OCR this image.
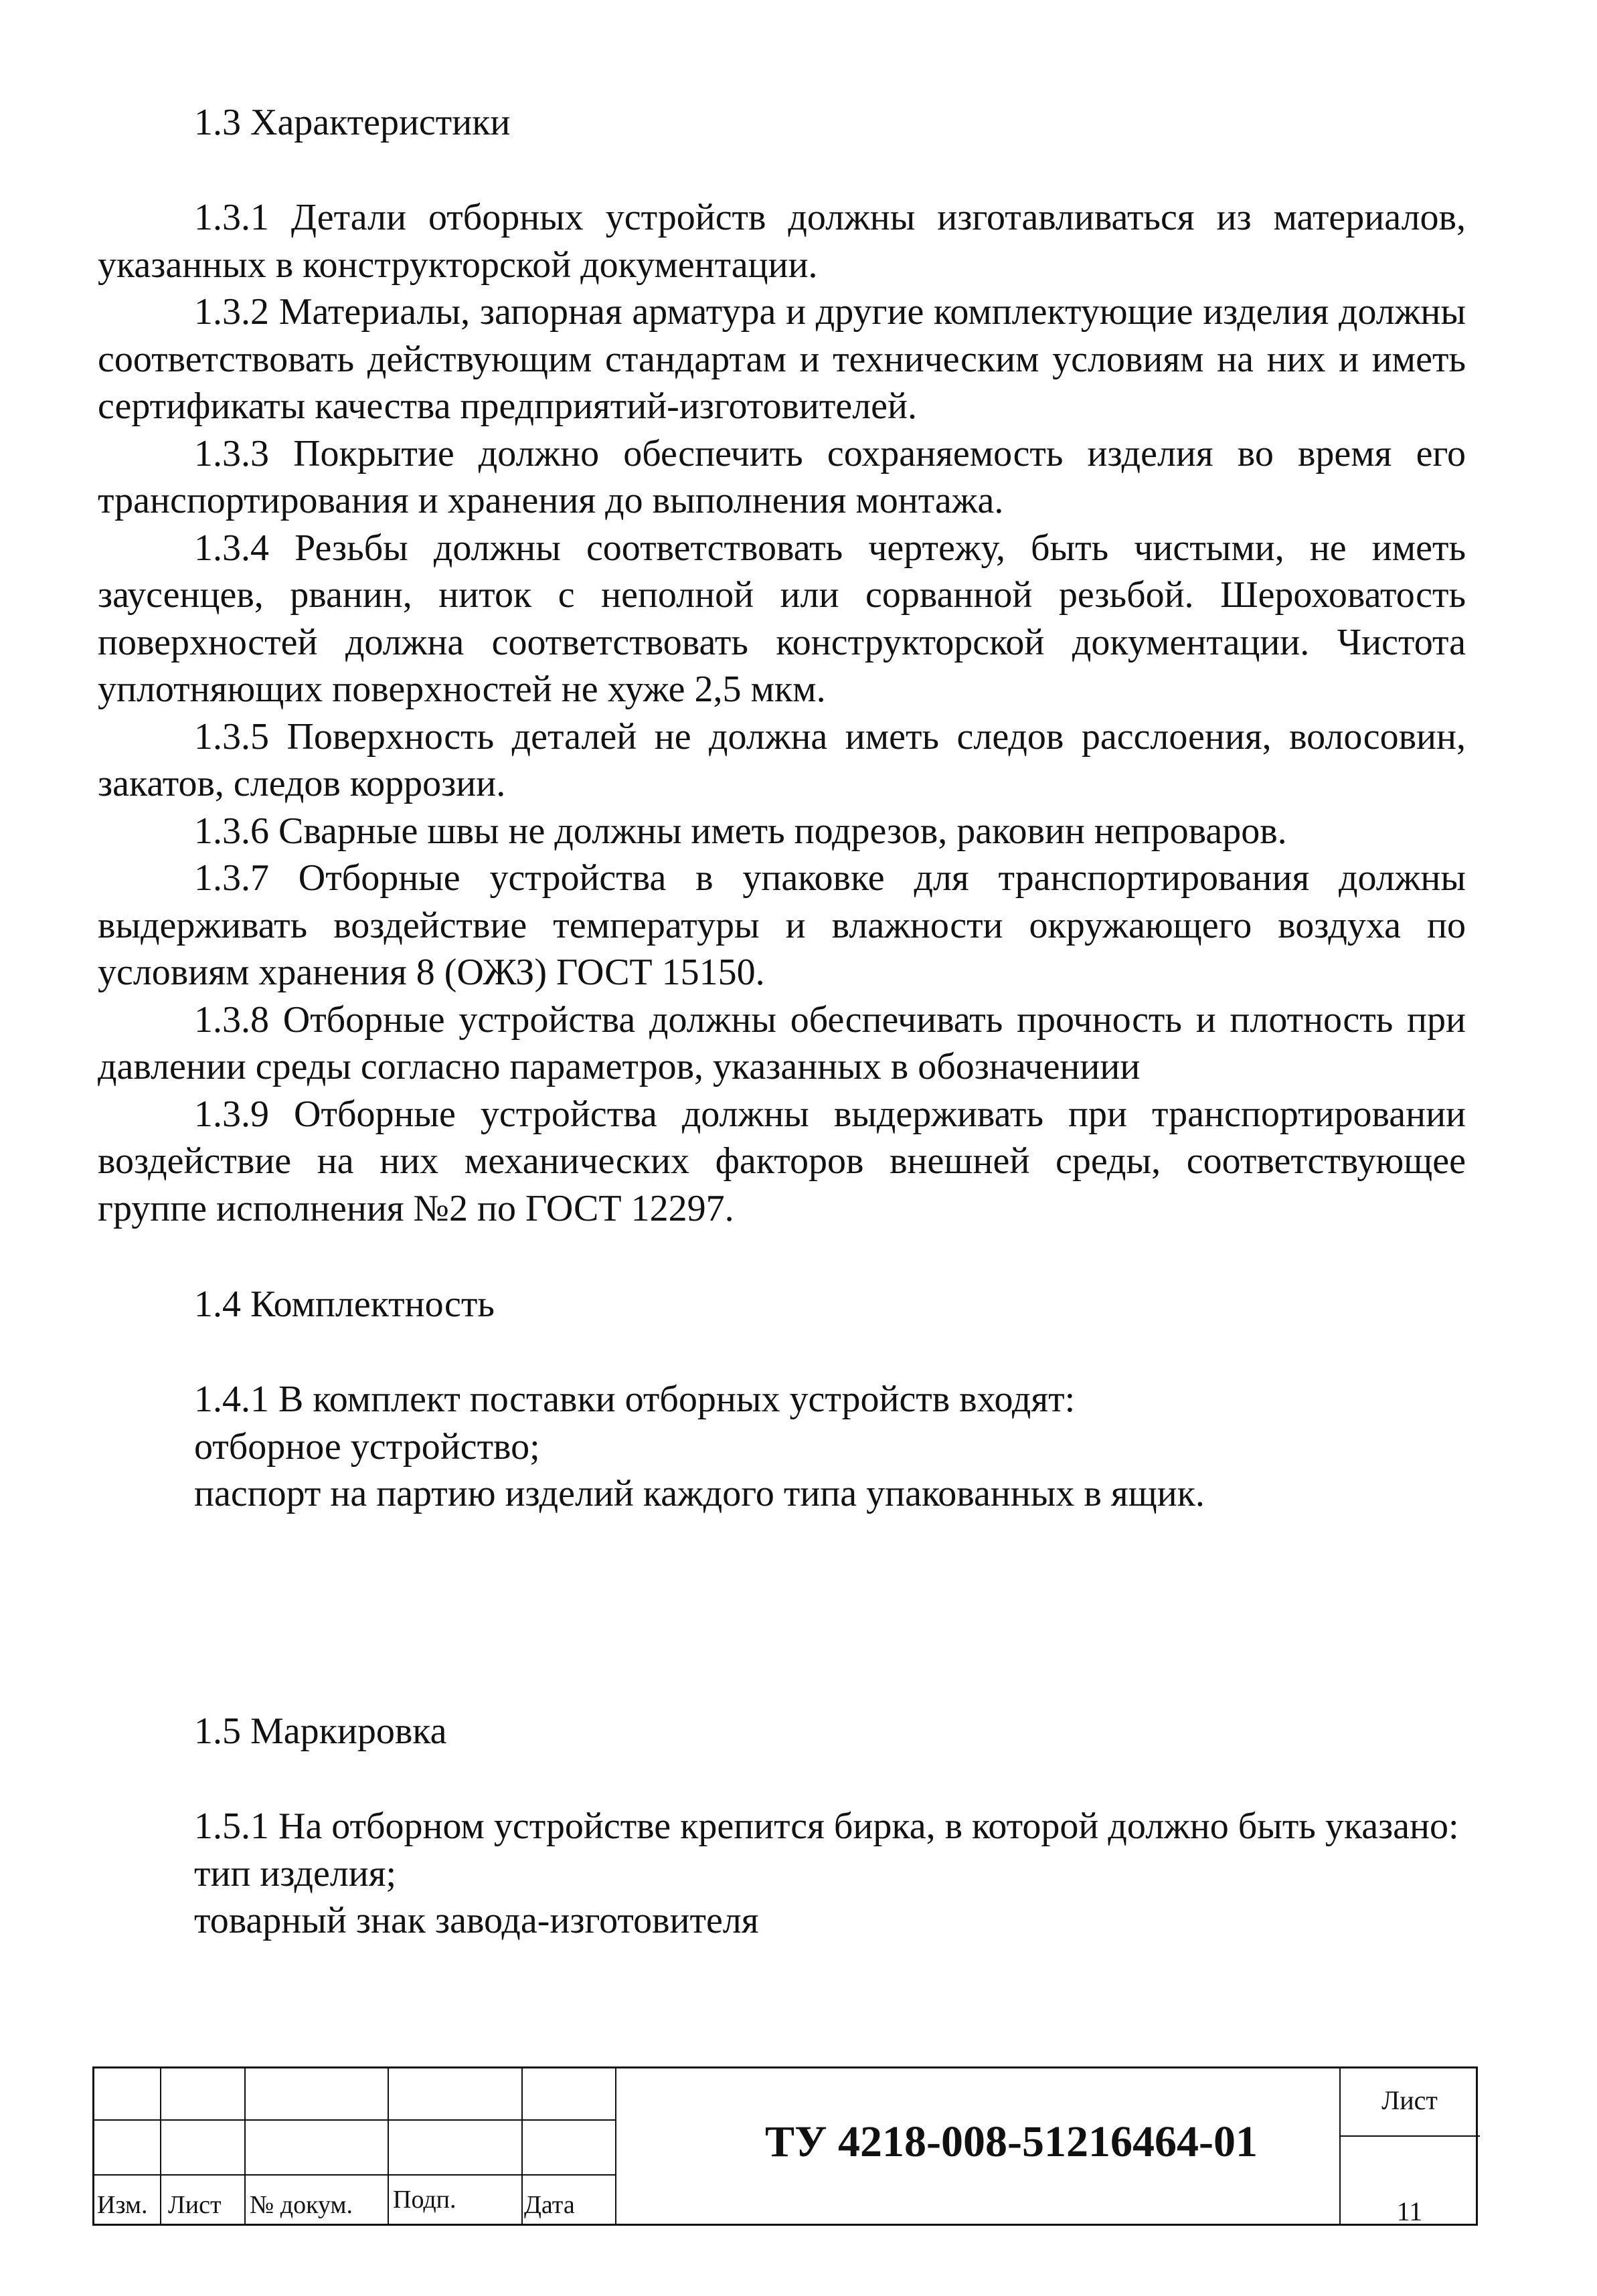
1.3 Характеристики

1.3.1 Детали отборных устройств должны изготавливаться из материалов, указанных в конструкторской документации.

1.3.2 Материалы, запорная арматура и другие комплектующие изделия должны соответствовать действующим стандартам и техническим условиям на них и иметь сертификаты качества предприятий-изготовителей.

1.3.3 Покрытие должно обеспечить сохраняемость изделия во время его транспортирования и хранения до выполнения монтажа.

1.3.4 Резьбы должны соответствовать чертежу, быть чистыми, не иметь заусенцев, рванин, ниток с неполной или сорванной резьбой. Шероховатость поверхностей должна соответствовать конструкторской документации. Чистота уплотняющих поверхностей не хуже 2,5 мкм.

1.3.5 Поверхность деталей не должна иметь следов расслоения, волосовин, закатов, следов коррозии.

1.3.6 Сварные швы не должны иметь подрезов, раковин непроваров.

1.3.7 Отборные устройства в упаковке для транспортирования должны выдерживать воздействие температуры и влажности окружающего воздуха по условиям хранения 8 (ОЖЗ) ГОСТ 15150.

1.3.8 Отборные устройства должны обеспечивать прочность и плотность при давлении среды согласно параметров, указанных в обозначениии

1.3.9 Отборные устройства должны выдерживать при транспортировании воздействие на них механических факторов внешней среды, соответствующее группе исполнения №2 по ГОСТ 12297.

1.4 Комплектность

1.4.1 В комплект поставки отборных устройств входят:

отборное устройство;

паспорт на партию изделий каждого типа упакованных в ящик.

1.5 Маркировка

1.5.1 На отборном устройстве крепится бирка, в которой должно быть указано:

тип изделия;

товарный знак завода-изготовителя

Изм. Лист № докум. Подп.	Дата
ТУ 4218-008-51216464-01
Лист
11
